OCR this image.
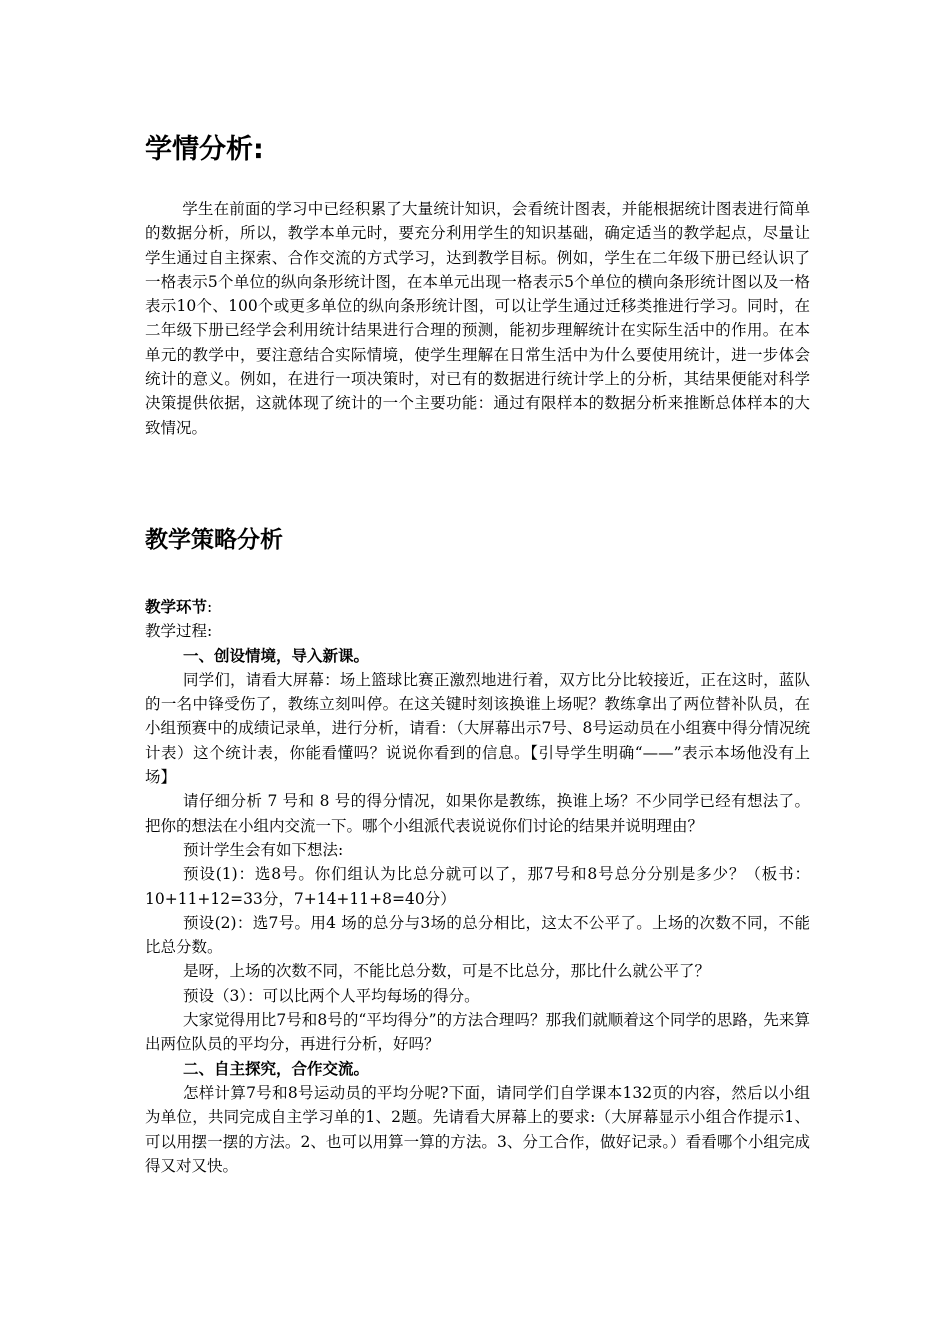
学情分析:
学生在前面的学习中已经积累了大量统计知识，会看统计图表，并能根据统计图表进行简单的数据分析，所以，教学本单元时，要充分利用学生的知识基础，确定适当的教学起点，尽量让学生通过自主探索、合作交流的方式学习，达到教学目标。例如，学生在二年级下册已经认识了一格表示5个单位的纵向条形统计图，在本单元出现一格表示5个单位的横向条形统计图以及一格表示10个、100个或更多单位的纵向条形统计图，可以让学生通过迁移类推进行学习。同时，在二年级下册已经学会利用统计结果进行合理的预测，能初步理解统计在实际生活中的作用。在本单元的教学中，要注意结合实际情境，使学生理解在日常生活中为什么要使用统计，进一步体会统计的意义。例如，在进行一项决策时，对已有的数据进行统计学上的分析，其结果便能对科学决策提供依据，这就体现了统计的一个主要功能：通过有限样本的数据分析来推断总体样本的大致情况。
教学策略分析
教学环节:
教学过程:
一、创设情境，导入新课。
同学们，请看大屏幕：场上篮球比赛正激烈地进行着，双方比分比较接近，正在这时，蓝队的一名中锋受伤了，教练立刻叫停。在这关键时刻该换谁上场呢？教练拿出了两位替补队员，在小组预赛中的成绩记录单，进行分析，请看：（大屏幕出示7号、8号运动员在小组赛中得分情况统计表）这个统计表，你能看懂吗？说说你看到的信息。【引导学生明确“——”表示本场他没有上场】
请仔细分析 7 号和 8 号的得分情况，如果你是教练，换谁上场？不少同学已经有想法了。把你的想法在小组内交流一下。哪个小组派代表说说你们讨论的结果并说明理由？
预计学生会有如下想法:
预设(1)：选8号。你们组认为比总分就可以了，那7号和8号总分分别是多少？（板书：10+11+12=33分，7+14+11+8=40分）
预设(2)：选7号。用4 场的总分与3场的总分相比，这太不公平了。上场的次数不同，不能比总分数。
是呀，上场的次数不同，不能比总分数，可是不比总分，那比什么就公平了？
预设（3）：可以比两个人平均每场的得分。
大家觉得用比7号和8号的“平均得分”的方法合理吗？那我们就顺着这个同学的思路，先来算出两位队员的平均分，再进行分析，好吗？
二、自主探究，合作交流。
怎样计算7号和8号运动员的平均分呢?下面，请同学们自学课本132页的内容，然后以小组为单位，共同完成自主学习单的1、2题。先请看大屏幕上的要求:（大屏幕显示小组合作提示1、可以用摆一摆的方法。2、也可以用算一算的方法。3、分工合作，做好记录。）看看哪个小组完成得又对又快。
